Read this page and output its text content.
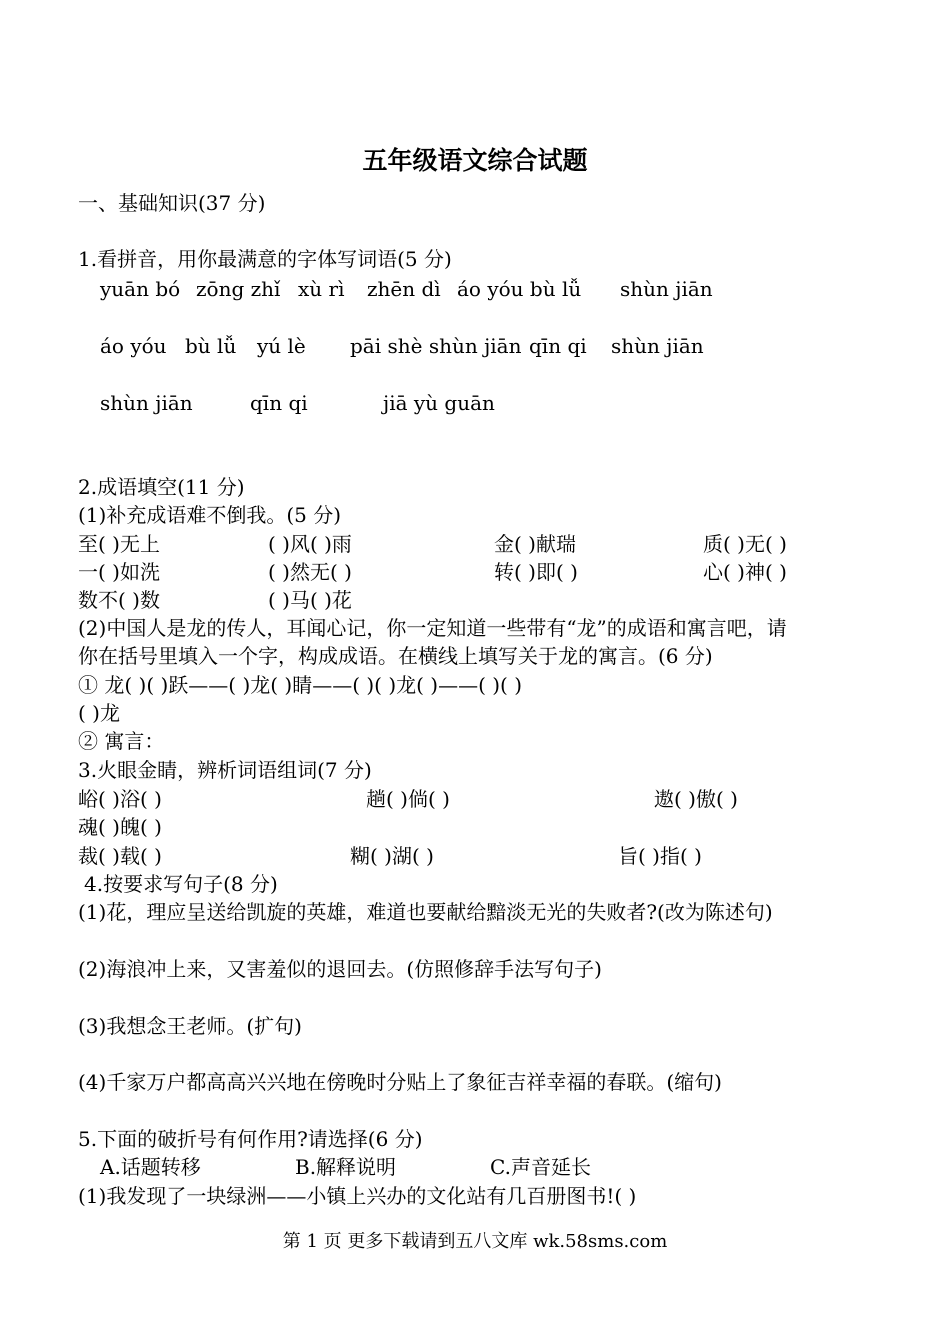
五年级语文综合试题
一、基础知识(37 分)
1.看拼音，用你最满意的字体写词语(5 分)
yuān bó zōng zhǐ xù rì zhēn dì áo yóu bù lǚ shùn jiān
áo yóu bù lǚ yú lè pāi shè shùn jiān qīn qi shùn jiān
shùn jiān	qīn qi	jiā yù guān
2.成语填空(11 分)
(1)补充成语难不倒我。(5 分)
至( )无上	( )风( )雨	金( )献瑞	质( )无( )
一( )如洗	( )然无( )	转( )即( )	心( )神( )
数不( )数	( )马( )花
(2)中国人是龙的传人，耳闻心记，你一定知道一些带有“龙”的成语和寓言吧，请
你在括号里填入一个字，构成成语。在横线上填写关于龙的寓言。(6 分)
① 龙( )( )跃——( )龙( )睛——( )( )龙( )——( )( )
( )龙
② 寓言：
3.火眼金睛，辨析词语组词(7 分)
峪( )浴( )	趟( )倘( )	遨( )傲( )
魂( )魄( )
裁( )载( )	糊( )湖( )	旨( )指( )
4.按要求写句子(8 分)
(1)花，理应呈送给凯旋的英雄，难道也要献给黯淡无光的失败者?(改为陈述句)
(2)海浪冲上来，又害羞似的退回去。(仿照修辞手法写句子)
(3)我想念王老师。(扩句)
(4)千家万户都高高兴兴地在傍晚时分贴上了象征吉祥幸福的春联。(缩句)
5.下面的破折号有何作用?请选择(6 分)
A.话题转移	B.解释说明	C.声音延长
(1)我发现了一块绿洲——小镇上兴办的文化站有几百册图书!( )
第 1 页 更多下载请到五八文库 wk.58sms.com
